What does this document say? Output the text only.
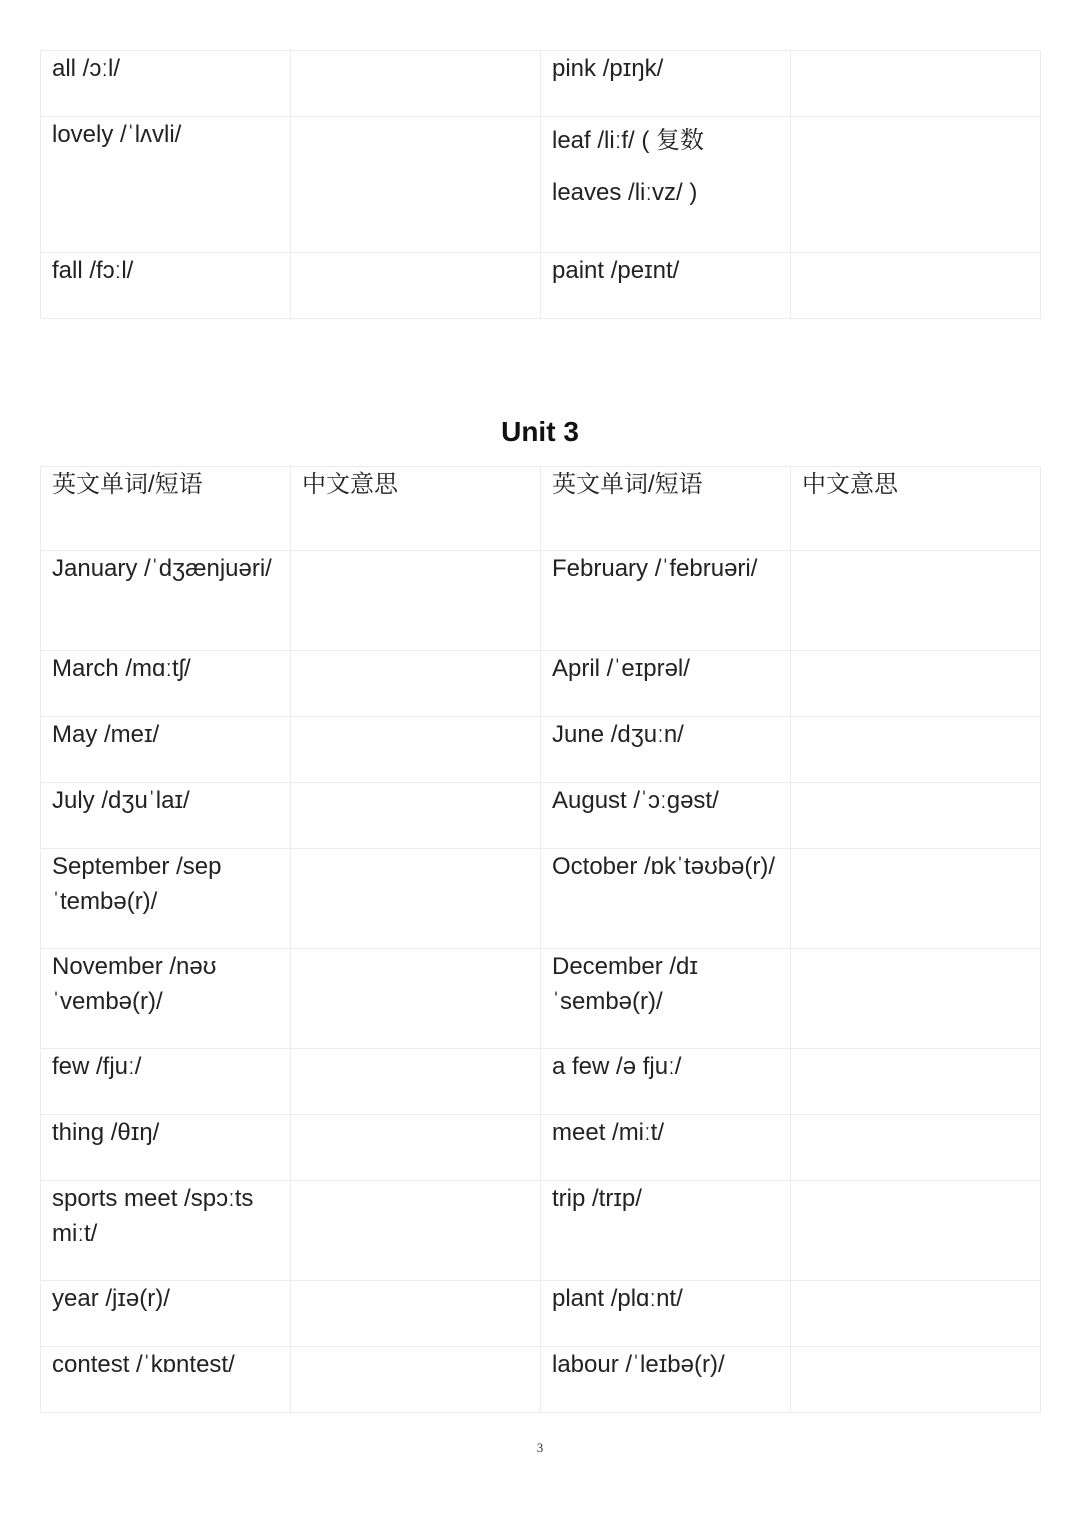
all /ɔːl/		pink /pɪŋk/	

lovely /ˈlʌvli/		leaf /liːf/ ( 复数
leaves /liːvz/ )	

fall /fɔːl/		paint /peɪnt/	

Unit 3
英文单词/短语	中文意思	英文单词/短语	中文意思

January /ˈdʒænjuəri/		February /ˈfebruəri/	

March /mɑːtʃ/		April /ˈeɪprəl/	

May /meɪ/		June /dʒuːn/	

July /dʒuˈlaɪ/		August /ˈɔːgəst/	

September /sepˈtembə(r)/		October /ɒkˈtəʊbə(r)/	

November /nəʊˈvembə(r)/		December /dɪˈsembə(r)/	

few /fjuː/		a few /ə fjuː/	

thing /θɪŋ/		meet /miːt/	

sports meet /spɔːts miːt/		trip /trɪp/	

year /jɪə(r)/		plant /plɑːnt/	

contest /ˈkɒntest/		labour /ˈleɪbə(r)/	

3
